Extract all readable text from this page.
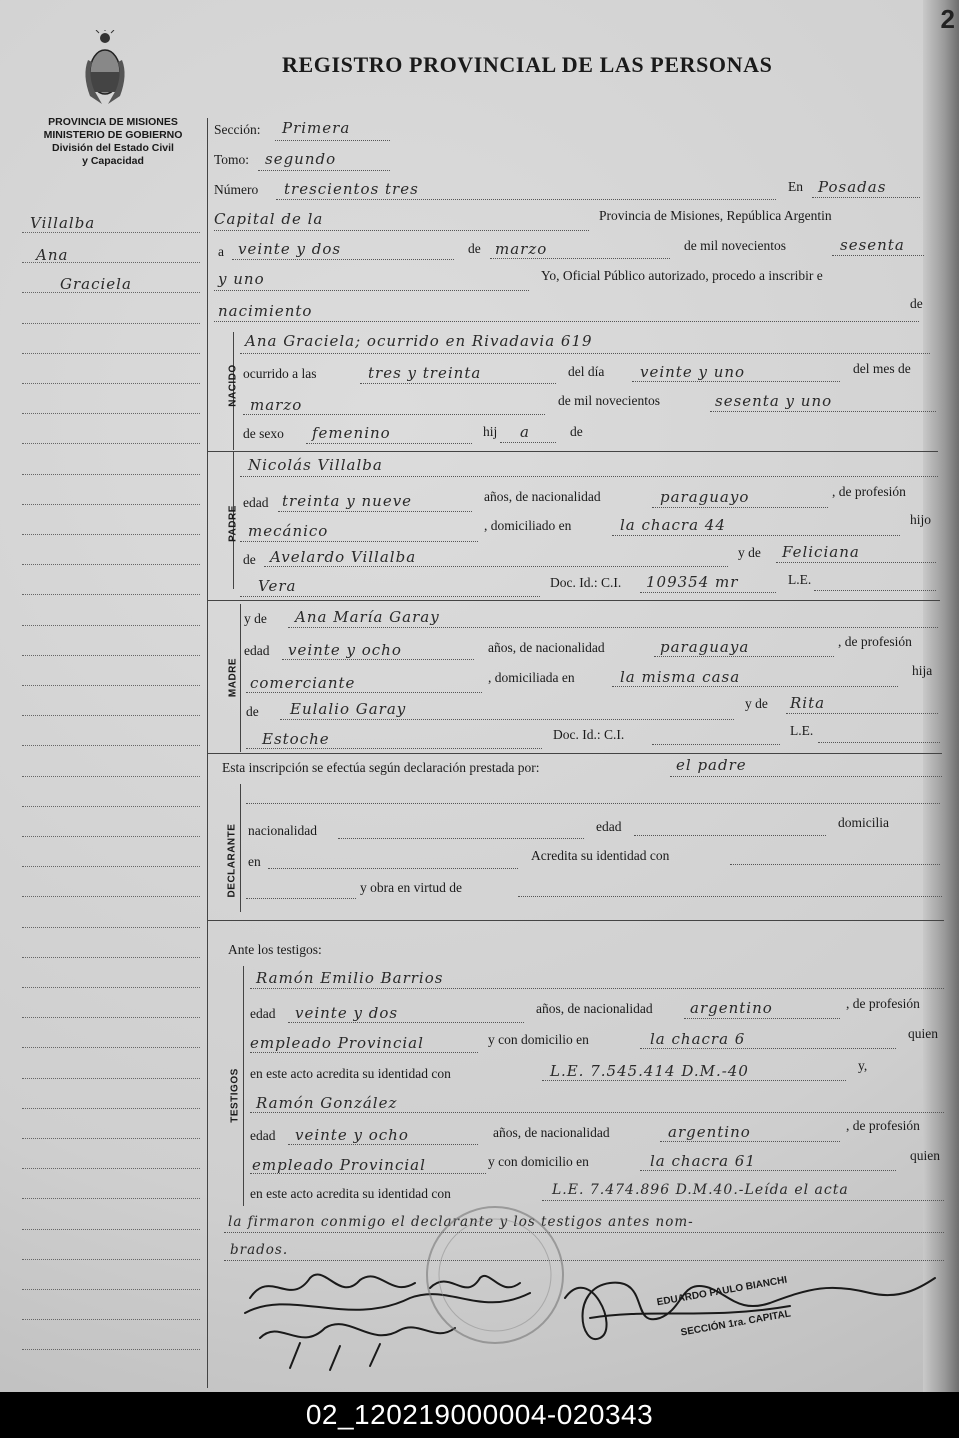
2
REGISTRO PROVINCIAL DE LAS PERSONAS
PROVINCIA DE MISIONES
MINISTERIO DE GOBIERNO
División del Estado Civil
y Capacidad
Villalba
Ana
Graciela
Sección: Primera
Tomo: segundo
Número trescientos tres	En Posadas
Capital de la	Provincia de Misiones, República Argentin
a veinte y dos	de marzo	de mil novecientos	sesenta
y uno	Yo, Oficial Público autorizado, procedo a inscribir e
nacimiento	de
NACIDO
Ana Graciela; ocurrido en Rivadavia 619
ocurrido a las	tres y treinta	del día veinte y uno	del mes de
marzo	de mil novecientos	sesenta y uno
de sexo femenino	hij a	de
PADRE
Nicolás Villalba
edad treinta y nueve	años, de nacionalidad	paraguayo	, de profesión
mecánico	, domiciliado en	la chacra 44	hijo
de Avelardo Villalba	y de Feliciana
Vera	Doc. Id.: C.I. 109354 mr	L.E.
MADRE
y de Ana María Garay
edad veinte y ocho	años, de nacionalidad	paraguaya	, de profesión
comerciante	, domiciliada en	la misma casa	hija
de Eulalio Garay	y de Rita
Estoche	Doc. Id.: C.I.	L.E.
Esta inscripción se efectúa según declaración prestada por:	el padre
DECLARANTE nacionalidad	edad	domicilia
en	Acredita su identidad con
y obra en virtud de
Ante los testigos:
TESTIGOS
Ramón Emilio Barrios
edad veinte y dos	años, de nacionalidad argentino	, de profesión
empleado Provincial	y con domicilio en	la chacra 6	quien
en este acto acredita su identidad con	L.E. 7.545.414 D.M.-40	y,
Ramón González
edad veinte y ocho	años, de nacionalidad	argentino	, de profesión
empleado Provincial	y con domicilio en	la chacra 61	quien
en este acto acredita su identidad con	L.E. 7.474.896 D.M.40.-Leída el acta
la firmaron conmigo el declarante y los testigos antes nom-
brados.
EDUARDO PAULO BIANCHI
SECCIÓN 1ra. CAPITAL
02_120219000004-020343
